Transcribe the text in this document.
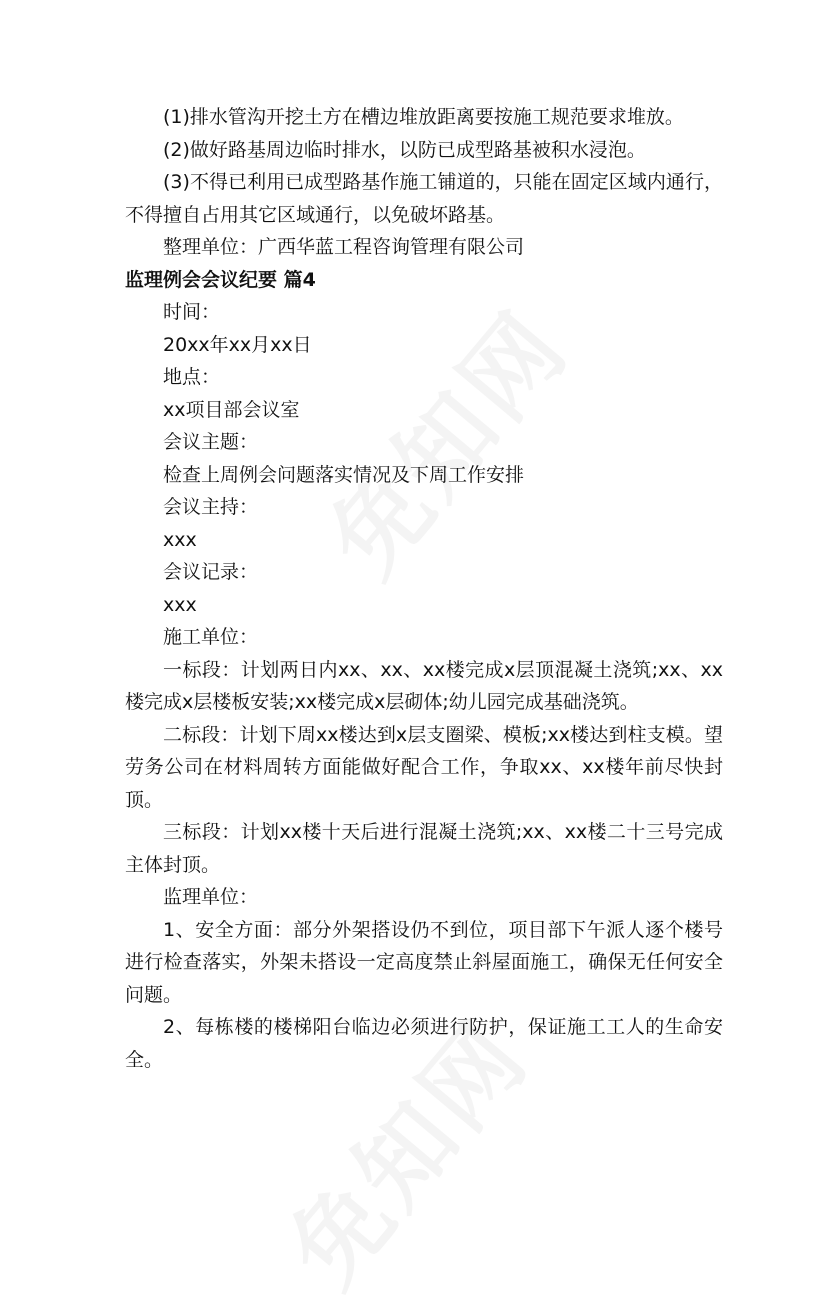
(1)排水管沟开挖土方在槽边堆放距离要按施工规范要求堆放。

(2)做好路基周边临时排水，以防已成型路基被积水浸泡。

(3)不得已利用已成型路基作施工铺道的，只能在固定区域内通行，不得擅自占用其它区域通行，以免破坏路基。

整理单位：广西华蓝工程咨询管理有限公司

监理例会会议纪要 篇4

时间：

20xx年xx月xx日

地点：

xx项目部会议室

会议主题：

检查上周例会问题落实情况及下周工作安排

会议主持：

xxx

会议记录：

xxx

施工单位：

一标段：计划两日内xx、xx、xx楼完成x层顶混凝土浇筑;xx、xx楼完成x层楼板安装;xx楼完成x层砌体;幼儿园完成基础浇筑。

二标段：计划下周xx楼达到x层支圈梁、模板;xx楼达到柱支模。望劳务公司在材料周转方面能做好配合工作，争取xx、xx楼年前尽快封顶。

三标段：计划xx楼十天后进行混凝土浇筑;xx、xx楼二十三号完成主体封顶。

监理单位：

1、安全方面：部分外架搭设仍不到位，项目部下午派人逐个楼号进行检查落实，外架未搭设一定高度禁止斜屋面施工，确保无任何安全问题。

2、每栋楼的楼梯阳台临边必须进行防护，保证施工工人的生命安全。
